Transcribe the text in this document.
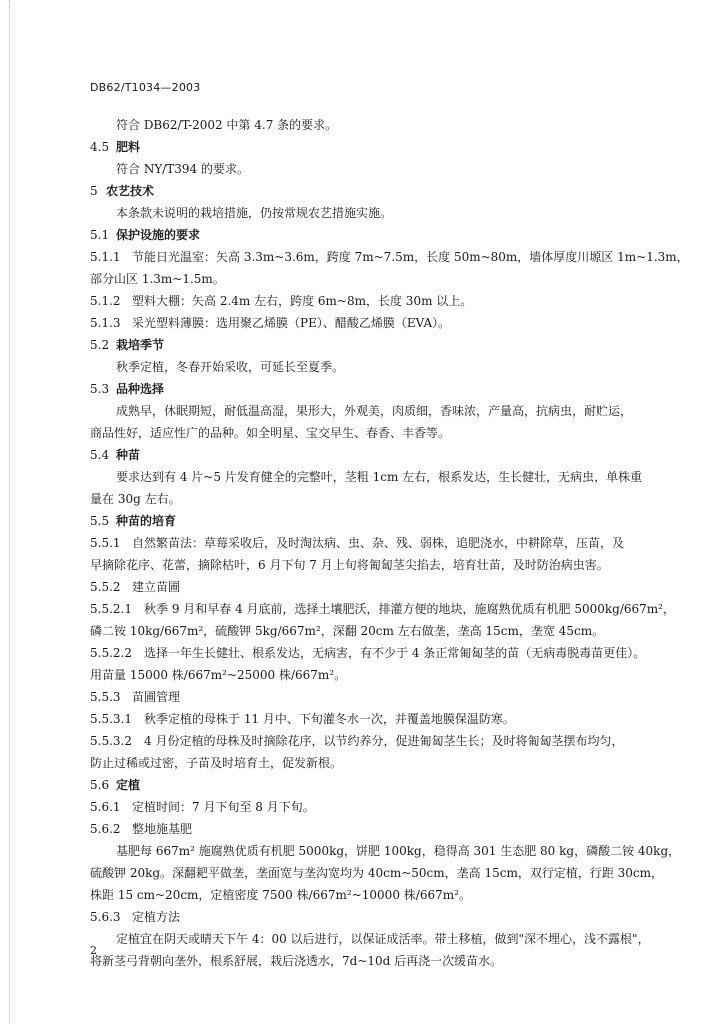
DB62/T1034—2003
符合 DB62/T-2002 中第 4.7 条的要求。
4.5 肥料
符合 NY/T394 的要求。
5 农艺技术
本条款未说明的栽培措施，仍按常规农艺措施实施。
5.1 保护设施的要求
5.1.1 节能日光温室：矢高 3.3m~3.6m，跨度 7m~7.5m，长度 50m~80m，墙体厚度川塬区 1m~1.3m，
部分山区 1.3m~1.5m。
5.1.2 塑料大棚：矢高 2.4m 左右，跨度 6m~8m，长度 30m 以上。
5.1.3 采光塑料薄膜：选用聚乙烯膜（PE）、醋酸乙烯膜（EVA）。
5.2 栽培季节
秋季定植，冬春开始采收，可延长至夏季。
5.3 品种选择
成熟早，休眠期短，耐低温高湿，果形大，外观美，肉质细，香味浓，产量高，抗病虫，耐贮运，
商品性好，适应性广的品种。如全明星、宝交早生、春香、丰香等。
5.4 种苗
要求达到有 4 片~5 片发育健全的完整叶，茎粗 1cm 左右，根系发达，生长健壮，无病虫，单株重
量在 30g 左右。
5.5 种苗的培育
5.5.1 自然繁苗法：草莓采收后，及时淘汰病、虫、杂、残、弱株，追肥浇水，中耕除草，压苗，及
早摘除花序、花蕾，摘除枯叶，6 月下旬 7 月上旬将匍匐茎尖掐去，培育壮苗，及时防治病虫害。
5.5.2 建立苗圃
5.5.2.1 秋季 9 月和早春 4 月底前，选择土壤肥沃，排灌方便的地块，施腐熟优质有机肥 5000kg/667m²，
磷二铵 10kg/667m²，硫酸钾 5kg/667m²，深翻 20cm 左右做垄，垄高 15cm，垄宽 45cm。
5.5.2.2 选择一年生长健壮、根系发达，无病害，有不少于 4 条正常匍匐茎的苗（无病毒脱毒苗更佳）。
用苗量 15000 株/667m²~25000 株/667m²。
5.5.3 苗圃管理
5.5.3.1 秋季定植的母株于 11 月中、下旬灌冬水一次，并覆盖地膜保温防寒。
5.5.3.2 4 月份定植的母株及时摘除花序，以节约养分，促进匍匐茎生长；及时将匍匐茎摆布均匀，
防止过稀或过密，子苗及时培育土，促发新根。
5.6 定植
5.6.1 定植时间：7 月下旬至 8 月下旬。
5.6.2 整地施基肥
基肥每 667m² 施腐熟优质有机肥 5000kg，饼肥 100kg，稳得高 301 生态肥 80 kg，磷酸二铵 40kg，
硫酸钾 20kg。深翻耙平做垄，垄面宽与垄沟宽均为 40cm~50cm，垄高 15cm，双行定植，行距 30cm，
株距 15 cm~20cm，定植密度 7500 株/667m²~10000 株/667m²。
5.6.3 定植方法
定植宜在阴天或晴天下午 4：00 以后进行，以保证成活率。带土移植，做到"深不埋心，浅不露根"，
将新茎弓背朝向垄外，根系舒展，栽后浇透水，7d~10d 后再浇一次缓苗水。
2
